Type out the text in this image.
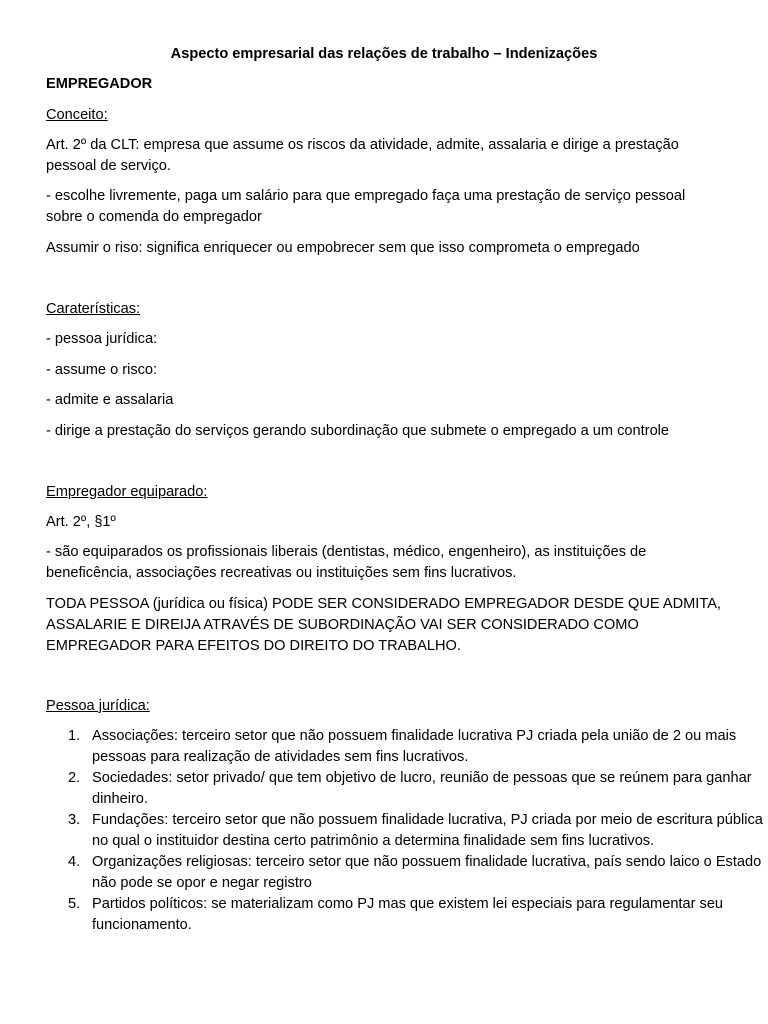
Aspecto empresarial das relações de trabalho – Indenizações

EMPREGADOR

Conceito:

Art. 2º da CLT: empresa que assume os riscos da atividade, admite, assalaria e dirige a prestação pessoal de serviço.

- escolhe livremente, paga um salário para que empregado faça uma prestação de serviço pessoal sobre o comenda do empregador

Assumir o riso: significa enriquecer ou empobrecer sem que isso comprometa o empregado

Caraterísticas:

- pessoa jurídica:

- assume o risco:

- admite e assalaria

- dirige a prestação do serviços gerando subordinação que submete o empregado a um controle

Empregador equiparado:

Art. 2º, §1º

- são equiparados os profissionais liberais (dentistas, médico, engenheiro), as instituições de beneficência, associações recreativas ou instituições sem fins lucrativos.

TODA PESSOA (jurídica ou física) PODE SER CONSIDERADO EMPREGADOR DESDE QUE ADMITA, ASSALARIE E DIREIJA ATRAVÉS DE SUBORDINAÇÃO VAI SER CONSIDERADO COMO EMPREGADOR PARA EFEITOS DO DIREITO DO TRABALHO.

Pessoa jurídica:

1. Associações: terceiro setor que não possuem finalidade lucrativa PJ criada pela união de 2 ou mais pessoas para realização de atividades sem fins lucrativos.
2. Sociedades: setor privado/ que tem objetivo de lucro, reunião de pessoas que se reúnem para ganhar dinheiro.
3. Fundações: terceiro setor que não possuem finalidade lucrativa, PJ criada por meio de escritura pública no qual o instituidor destina certo patrimônio a determina finalidade sem fins lucrativos.
4. Organizações religiosas: terceiro setor que não possuem finalidade lucrativa, país sendo laico o Estado não pode se opor e negar registro
5. Partidos políticos: se materializam como PJ mas que existem lei especiais para regulamentar seu funcionamento.
